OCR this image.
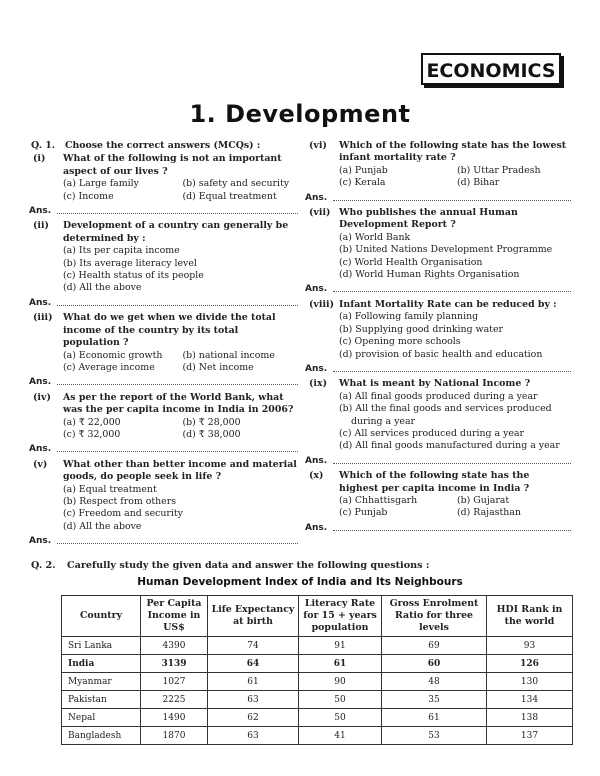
ECONOMICS
1. Development
Q. 1.	Choose the correct answers (MCQs) :
(i)	What of the following is not an important aspect of our lives ?
(a) Large family	(b) safety and security
(c) Income	(d) Equal treatment
Ans.
(ii)	Development of a country can generally be determined by :
(a) Its per capita income
(b) Its average literacy level
(c) Health status of its people
(d) All the above
Ans.
(iii)	What do we get when we divide the total income of the country by its total population ?
(a) Economic growth	(b) national income
(c) Average income	(d) Net income
Ans.
(iv)	As per the report of the World Bank, what was the per capita income in India in 2006?
(a) ₹ 22,000	(b) ₹ 28,000
(c) ₹ 32,000	(d) ₹ 38,000
Ans.
(v)	What other than better income and material goods, do people seek in life ?
(a) Equal treatment
(b) Respect from others
(c) Freedom and security
(d) All the above
Ans.
(vi)	Which of the following state has the lowest infant mortality rate ?
(a) Punjab	(b) Uttar Pradesh
(c) Kerala	(d) Bihar
Ans.
(vii) Who publishes the annual Human Development Report ?
(a) World Bank
(b) United Nations Development Programme
(c) World Health Organisation
(d) World Human Rights Organisation
Ans.
(viii) Infant Mortality Rate can be reduced by :
(a) Following family planning
(b) Supplying good drinking water
(c) Opening more schools
(d) provision of basic health and education
Ans.
(ix)	What is meant by National Income ?
(a) All final goods produced during a year
(b) All the final goods and services produced during a year
(c) All services produced during a year
(d) All final goods manufactured during a year
Ans.
(x)	Which of the following state has the highest per capita income in India ?
(a) Chhattisgarh	(b) Gujarat
(c) Punjab	(d) Rajasthan
Ans.
Q. 2.	Carefully study the given data and answer the following questions :
Human Development Index of India and Its Neighbours
Country	Per Capita Income in US$	Life Expectancy at birth	Literacy Rate for 15 + years population	Gross Enrolment Ratio for three levels	HDI Rank in the world
Sri Lanka	4390	74	91	69	93
India	3139	64	61	60	126
Myanmar	1027	61	90	48	130
Pakistan	2225	63	50	35	134
Nepal	1490	62	50	61	138
Bangladesh	1870	63	41	53	137
